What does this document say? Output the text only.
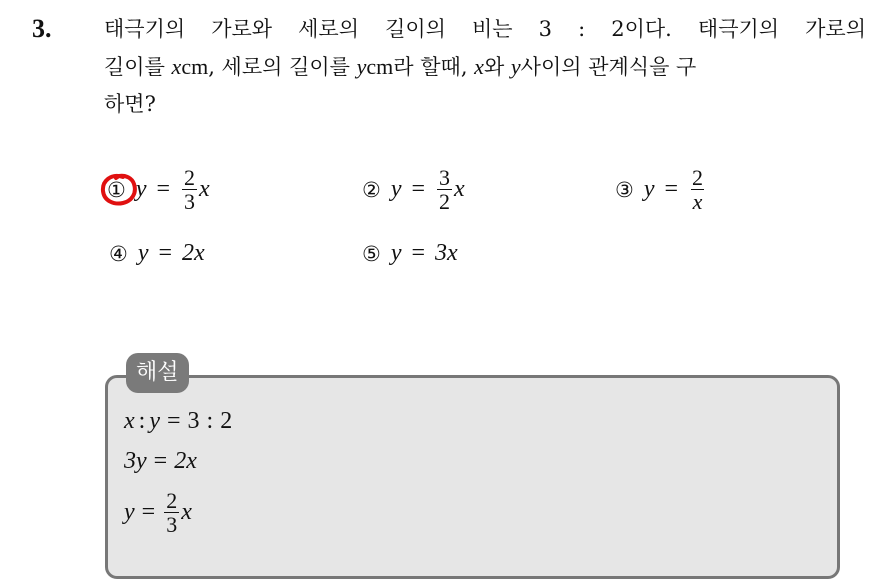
3.	태극기의 가로와 세로의 길이의 비는 3 : 2이다. 태극기의 가로의
길이를 xcm, 세로의 길이를 ycm라 할때, x와 y사이의 관계식을 구
하면?
① $y = \frac{2}{3}$ x	② $y = \frac{3}{2}$ x	③ $y = \frac{2}{x}$
④ y = 2x	⑤ y = 3x
해설
x : y = 3 : 2
3y = 2x
$y = \frac{2}{3}$ x
